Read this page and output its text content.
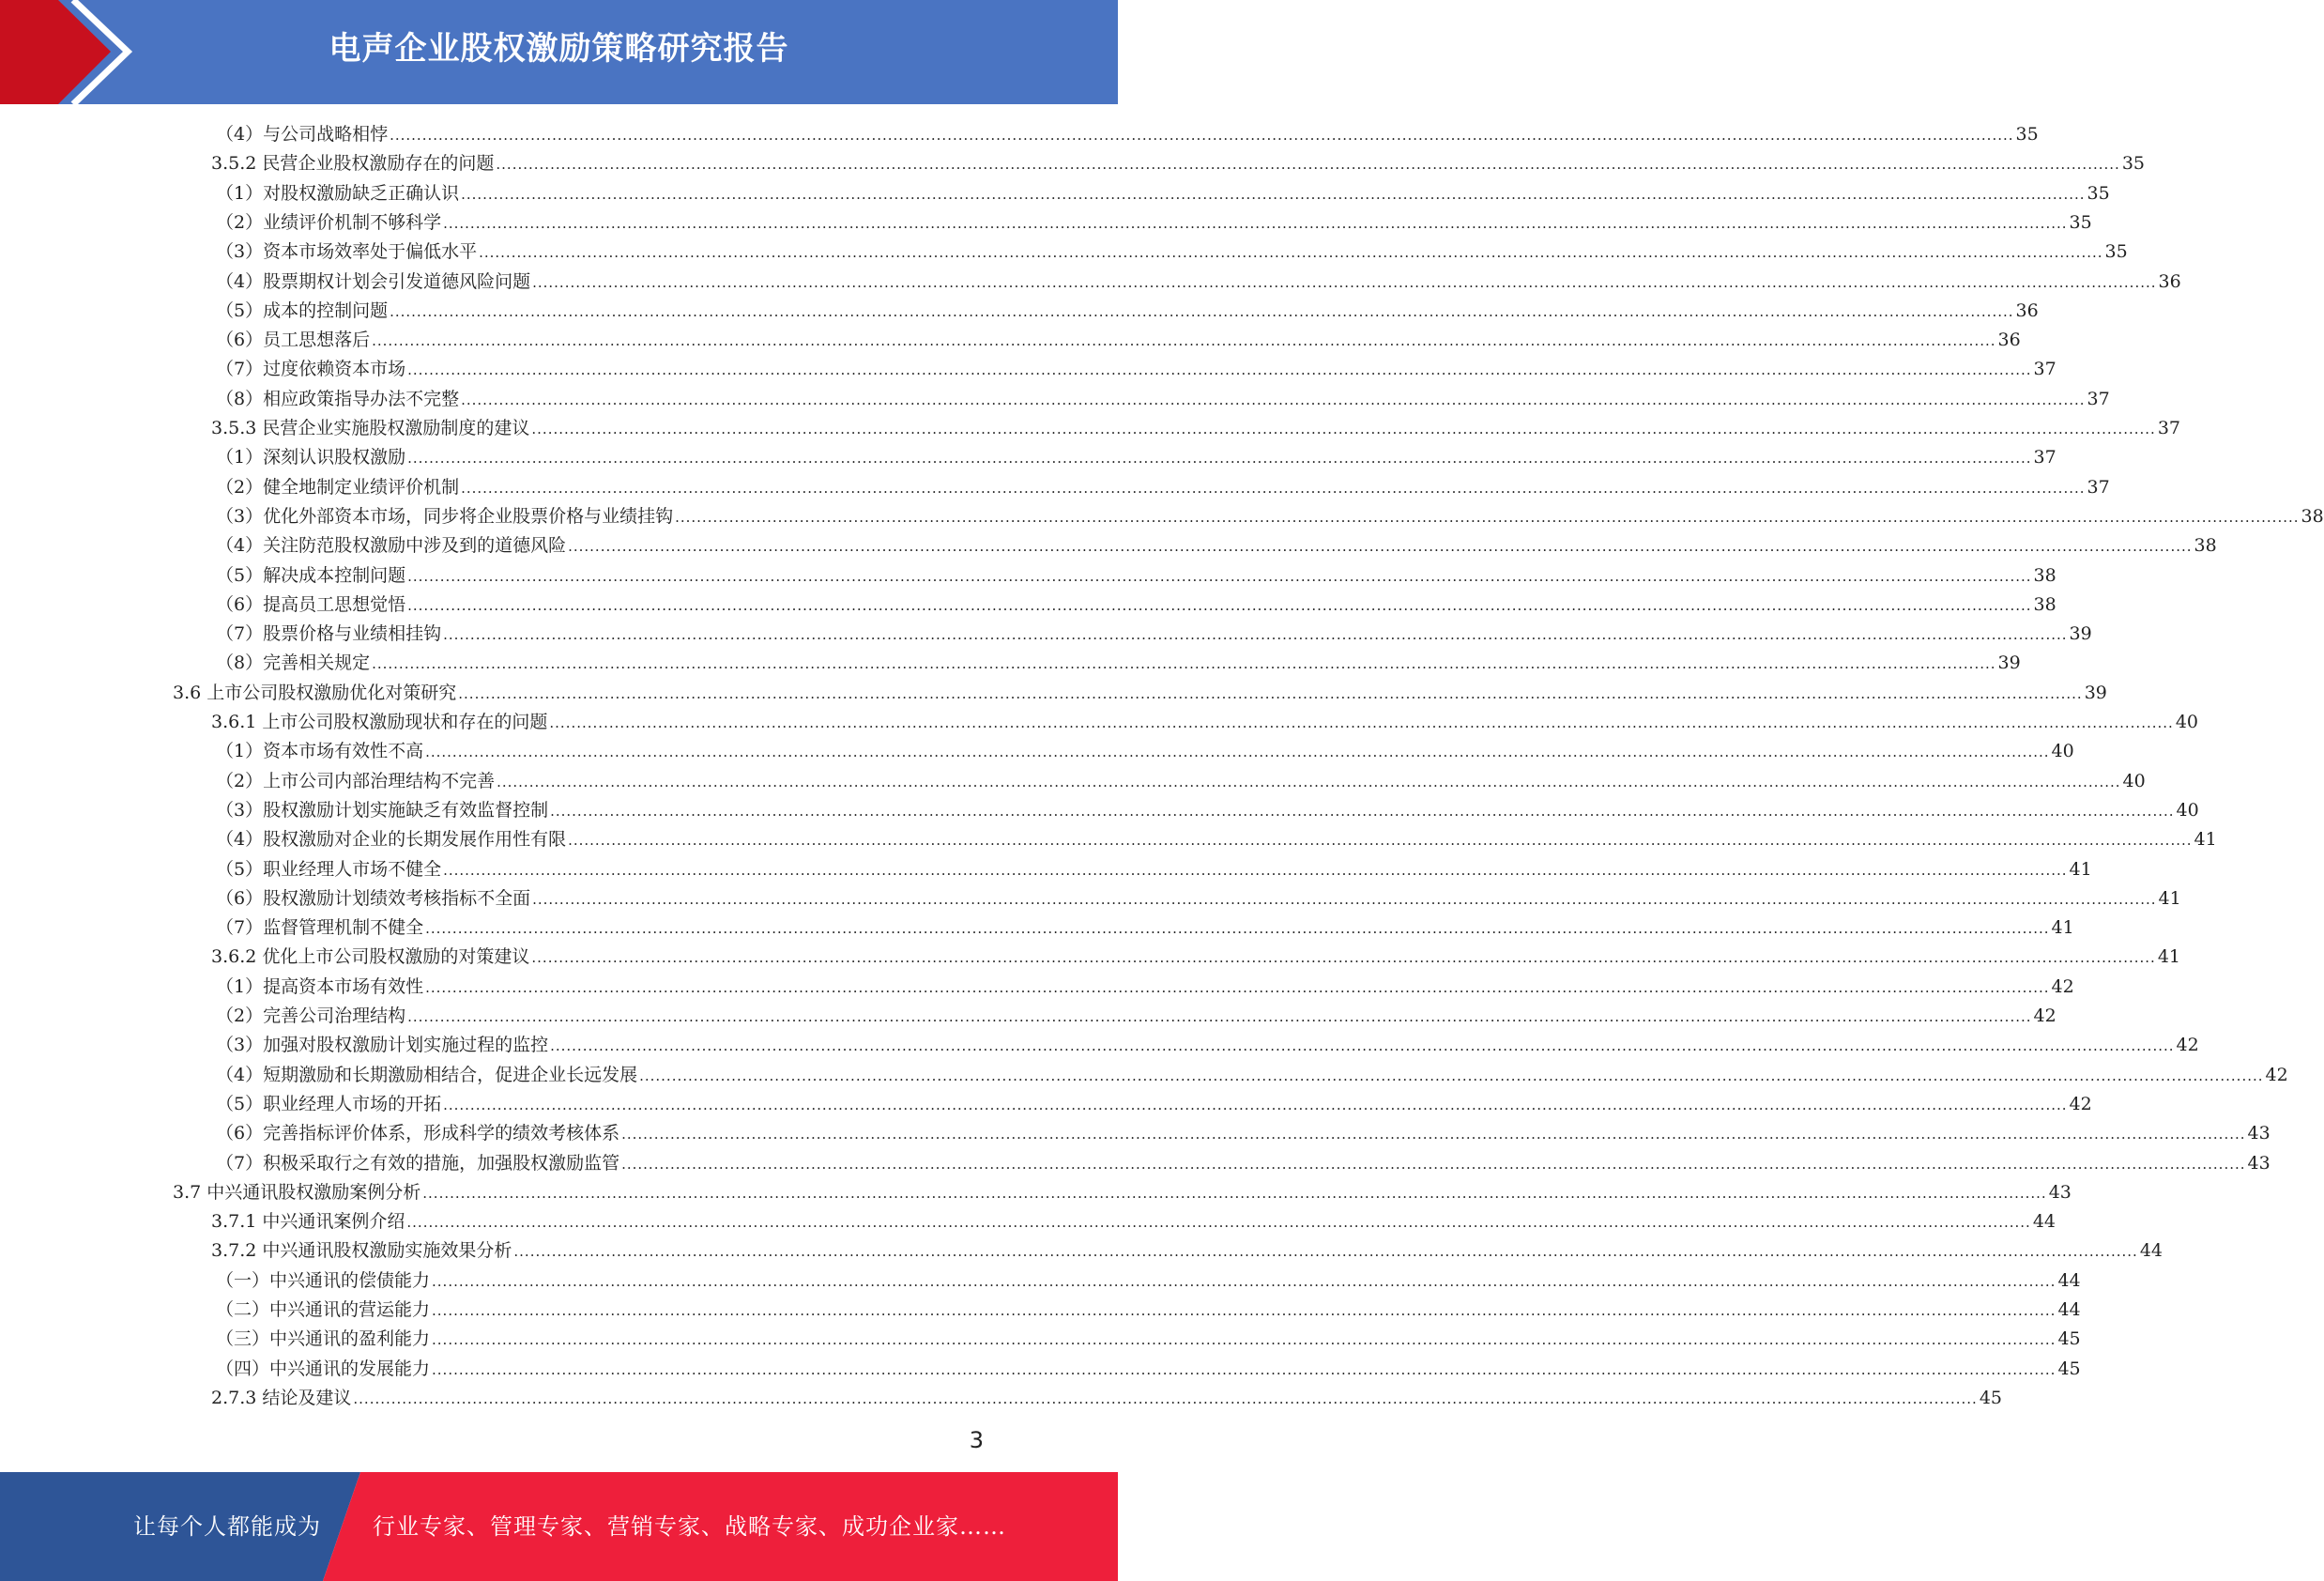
电声企业股权激励策略研究报告
（4）与公司战略相悖 ............................................................................................................................................................................................................................................................................................................ 35
3.5.2 民营企业股权激励存在的问题 ............................................................................................................................................................................................................................................................................................................ 35
（1）对股权激励缺乏正确认识 ............................................................................................................................................................................................................................................................................................................ 35
（2）业绩评价机制不够科学 ............................................................................................................................................................................................................................................................................................................ 35
（3）资本市场效率处于偏低水平 ............................................................................................................................................................................................................................................................................................................ 35
（4）股票期权计划会引发道德风险问题 ............................................................................................................................................................................................................................................................................................................ 36
（5）成本的控制问题 ............................................................................................................................................................................................................................................................................................................ 36
（6）员工思想落后 ............................................................................................................................................................................................................................................................................................................ 36
（7）过度依赖资本市场 ............................................................................................................................................................................................................................................................................................................ 37
（8）相应政策指导办法不完整 ............................................................................................................................................................................................................................................................................................................ 37
3.5.3 民营企业实施股权激励制度的建议 ............................................................................................................................................................................................................................................................................................................ 37
（1）深刻认识股权激励 ............................................................................................................................................................................................................................................................................................................ 37
（2）健全地制定业绩评价机制 ............................................................................................................................................................................................................................................................................................................ 37
（3）优化外部资本市场，同步将企业股票价格与业绩挂钩 ............................................................................................................................................................................................................................................................................................................ 38
（4）关注防范股权激励中涉及到的道德风险 ............................................................................................................................................................................................................................................................................................................ 38
（5）解决成本控制问题 ............................................................................................................................................................................................................................................................................................................ 38
（6）提高员工思想觉悟 ............................................................................................................................................................................................................................................................................................................ 38
（7）股票价格与业绩相挂钩 ............................................................................................................................................................................................................................................................................................................ 39
（8）完善相关规定 ............................................................................................................................................................................................................................................................................................................ 39
3.6 上市公司股权激励优化对策研究 ............................................................................................................................................................................................................................................................................................................ 39
3.6.1 上市公司股权激励现状和存在的问题 ............................................................................................................................................................................................................................................................................................................ 40
（1）资本市场有效性不高 ............................................................................................................................................................................................................................................................................................................ 40
（2）上市公司内部治理结构不完善 ............................................................................................................................................................................................................................................................................................................ 40
（3）股权激励计划实施缺乏有效监督控制 ............................................................................................................................................................................................................................................................................................................ 40
（4）股权激励对企业的长期发展作用性有限 ............................................................................................................................................................................................................................................................................................................ 41
（5）职业经理人市场不健全 ............................................................................................................................................................................................................................................................................................................ 41
（6）股权激励计划绩效考核指标不全面 ............................................................................................................................................................................................................................................................................................................ 41
（7）监督管理机制不健全 ............................................................................................................................................................................................................................................................................................................ 41
3.6.2 优化上市公司股权激励的对策建议 ............................................................................................................................................................................................................................................................................................................ 41
（1）提高资本市场有效性 ............................................................................................................................................................................................................................................................................................................ 42
（2）完善公司治理结构 ............................................................................................................................................................................................................................................................................................................ 42
（3）加强对股权激励计划实施过程的监控 ............................................................................................................................................................................................................................................................................................................ 42
（4）短期激励和长期激励相结合，促进企业长远发展 ............................................................................................................................................................................................................................................................................................................ 42
（5）职业经理人市场的开拓 ............................................................................................................................................................................................................................................................................................................ 42
（6）完善指标评价体系，形成科学的绩效考核体系 ............................................................................................................................................................................................................................................................................................................ 43
（7）积极采取行之有效的措施，加强股权激励监管 ............................................................................................................................................................................................................................................................................................................ 43
3.7 中兴通讯股权激励案例分析 ............................................................................................................................................................................................................................................................................................................ 43
3.7.1 中兴通讯案例介绍 ............................................................................................................................................................................................................................................................................................................ 44
3.7.2 中兴通讯股权激励实施效果分析 ............................................................................................................................................................................................................................................................................................................ 44
（一）中兴通讯的偿债能力 ............................................................................................................................................................................................................................................................................................................ 44
（二）中兴通讯的营运能力 ............................................................................................................................................................................................................................................................................................................ 44
（三）中兴通讯的盈利能力 ............................................................................................................................................................................................................................................................................................................ 45
（四）中兴通讯的发展能力 ............................................................................................................................................................................................................................................................................................................ 45
2.7.3 结论及建议 ............................................................................................................................................................................................................................................................................................................ 45
3
让每个人都能成为 行业专家、管理专家、营销专家、战略专家、成功企业家……
